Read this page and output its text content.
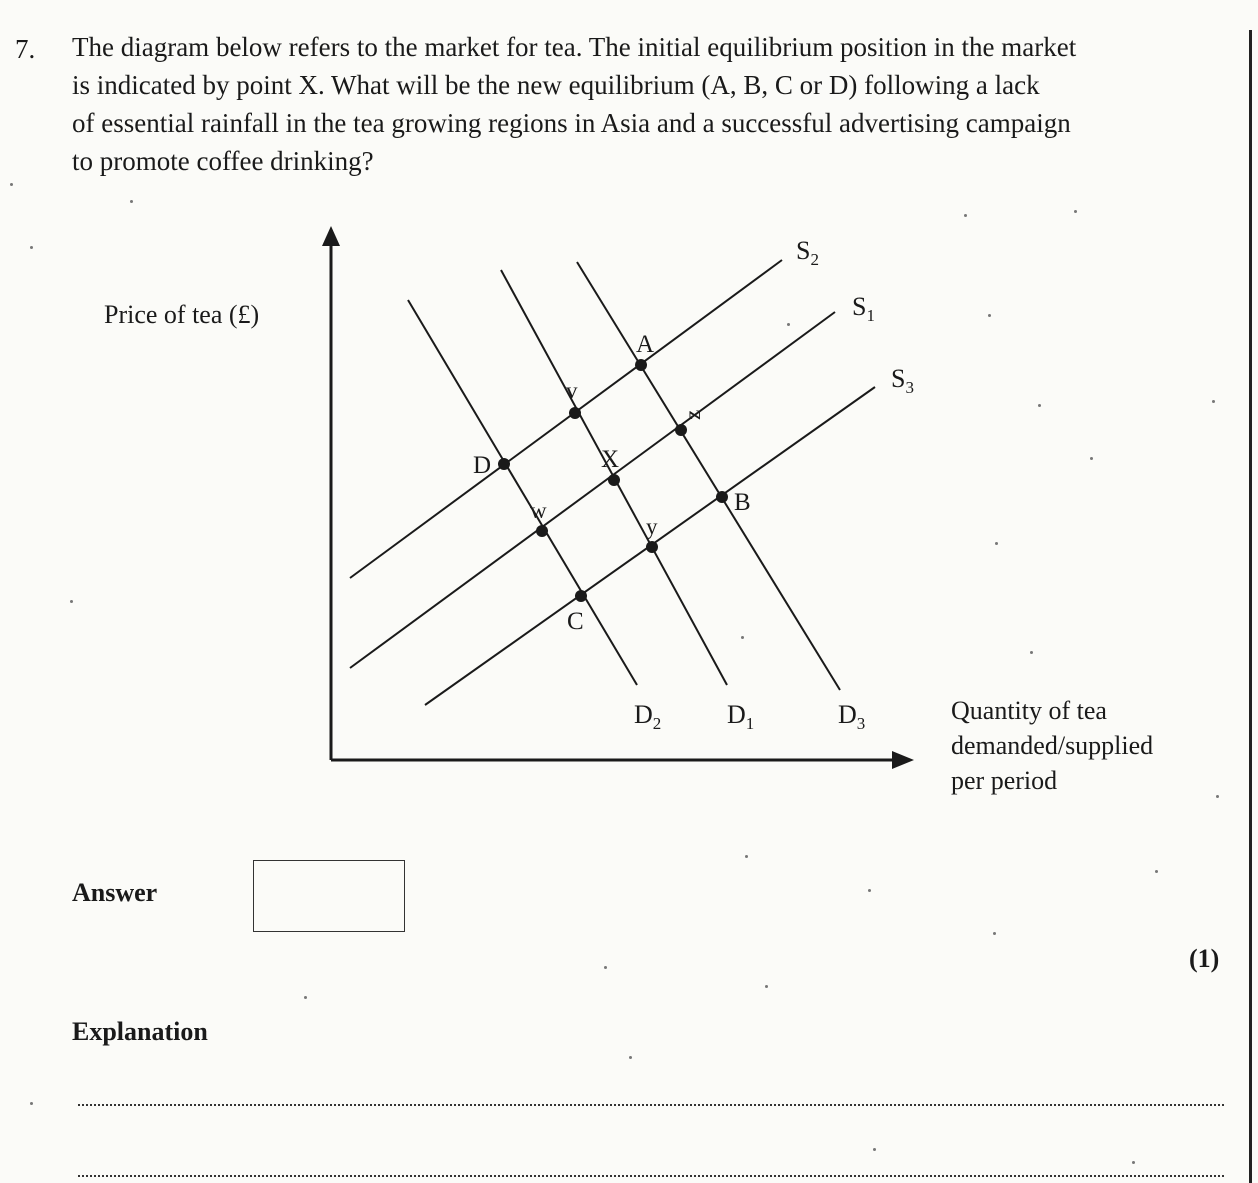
7. The diagram below refers to the market for tea. The initial equilibrium position in the market
is indicated by point X. What will be the new equilibrium (A, B, C or D) following a lack
of essential rainfall in the tea growing regions in Asia and a successful advertising campaign
to promote coffee drinking?
A
B
C
D	X
v
w
y
z
$S_2$
$S_1$
$S_3$
$D_2$	$D_1$	$D_3$
Price of tea (£)
Quantity of tea
demanded/supplied
per period
Answer
(1)
Explanation
